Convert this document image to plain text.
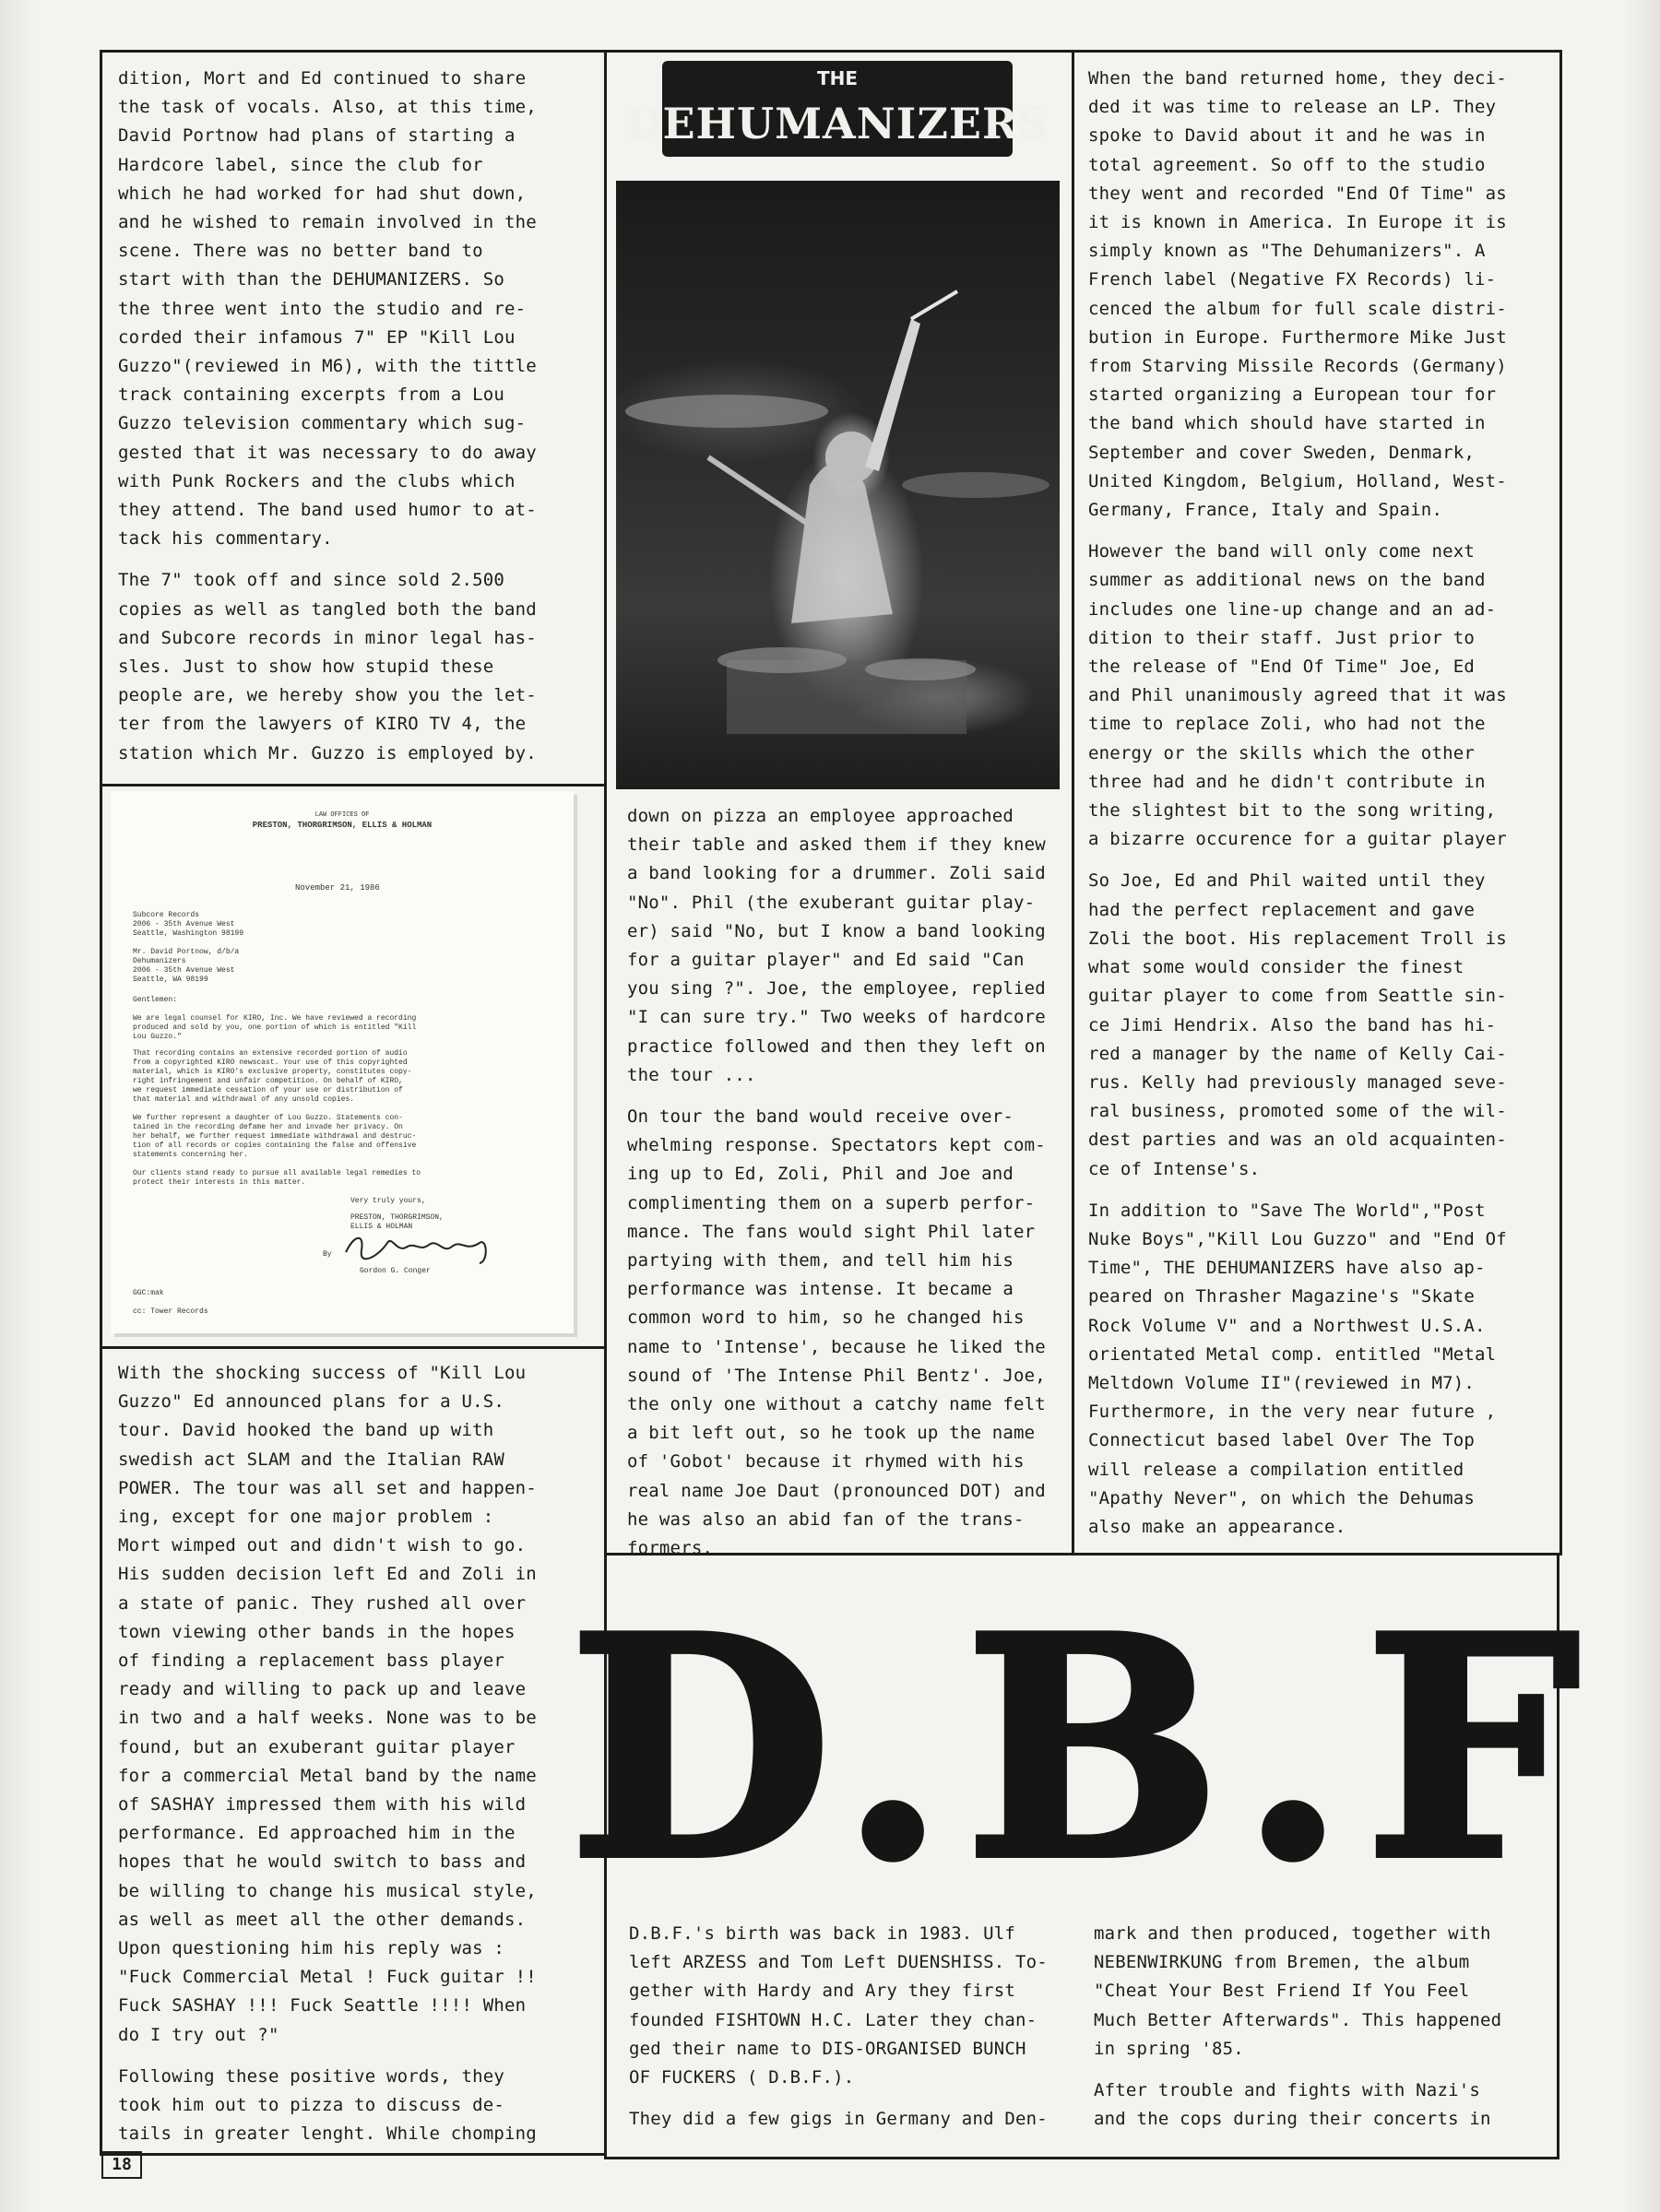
dition, Mort and Ed continued to share
the task of vocals. Also, at this time,
David Portnow had plans of starting a
Hardcore label, since the club for
which he had worked for had shut down,
and he wished to remain involved in the
scene. There was no better band to
start with than the DEHUMANIZERS. So
the three went into the studio and re-
corded their infamous 7" EP "Kill Lou
Guzzo"(reviewed in M6), with the tittle
track containing excerpts from a Lou
Guzzo television commentary which sug-
gested that it was necessary to do away
with Punk Rockers and the clubs which
they attend. The band used humor to at-
tack his commentary.

The 7" took off and since sold 2.500
copies as well as tangled both the band
and Subcore records in minor legal has-
sles. Just to show how stupid these
people are, we hereby show you the let-
ter from the lawyers of KIRO TV 4, the
station which Mr. Guzzo is employed by.

LAW OFFICES OF
PRESTON, THORGRIMSON, ELLIS & HOLMAN
November 21, 1986
Subcore Records
2006 - 35th Avenue West
Seattle, Washington 98199
Mr. David Portnow, d/b/a
Dehumanizers
2006 - 35th Avenue West
Seattle, WA 98199
Gentlemen:
We are legal counsel for KIRO, Inc. We have reviewed a recording
produced and sold by you, one portion of which is entitled "Kill
Lou Guzzo."
That recording contains an extensive recorded portion of audio
from a copyrighted KIRO newscast. Your use of this copyrighted
material, which is KIRO's exclusive property, constitutes copy-
right infringement and unfair competition. On behalf of KIRO,
we request immediate cessation of your use or distribution of
that material and withdrawal of any unsold copies.
We further represent a daughter of Lou Guzzo. Statements con-
tained in the recording defame her and invade her privacy. On
her behalf, we further request immediate withdrawal and destruc-
tion of all records or copies containing the false and offensive
statements concerning her.
Our clients stand ready to pursue all available legal remedies to
protect their interests in this matter.
Very truly yours,
PRESTON, THORGRIMSON,
ELLIS & HOLMAN
By
Gordon G. Conger
GGC:mak
cc: Tower Records

With the shocking success of "Kill Lou
Guzzo" Ed announced plans for a U.S.
tour. David hooked the band up with
swedish act SLAM and the Italian RAW
POWER. The tour was all set and happen-
ing, except for one major problem :
Mort wimped out and didn't wish to go.
His sudden decision left Ed and Zoli in
a state of panic. They rushed all over
town viewing other bands in the hopes
of finding a replacement bass player
ready and willing to pack up and leave
in two and a half weeks. None was to be
found, but an exuberant guitar player
for a commercial Metal band by the name
of SASHAY impressed them with his wild
performance. Ed approached him in the
hopes that he would switch to bass and
be willing to change his musical style,
as well as meet all the other demands.
Upon questioning him his reply was :
"Fuck Commercial Metal ! Fuck guitar !!
Fuck SASHAY !!! Fuck Seattle !!!! When
do I try out ?"

Following these positive words, they
took him out to pizza to discuss de-
tails in greater lenght. While chomping

THE
DEHUMANIZERS

down on pizza an employee approached
their table and asked them if they knew
a band looking for a drummer. Zoli said
"No". Phil (the exuberant guitar play-
er) said "No, but I know a band looking
for a guitar player" and Ed said "Can
you sing ?". Joe, the employee, replied
"I can sure try." Two weeks of hardcore
practice followed and then they left on
the tour ...

On tour the band would receive over-
whelming response. Spectators kept com-
ing up to Ed, Zoli, Phil and Joe and
complimenting them on a superb perfor-
mance. The fans would sight Phil later
partying with them, and tell him his
performance was intense. It became a
common word to him, so he changed his
name to 'Intense', because he liked the
sound of 'The Intense Phil Bentz'. Joe,
the only one without a catchy name felt
a bit left out, so he took up the name
of 'Gobot' because it rhymed with his
real name Joe Daut (pronounced DOT) and
he was also an abid fan of the trans-
formers.

When the band returned home, they deci-
ded it was time to release an LP. They
spoke to David about it and he was in
total agreement. So off to the studio
they went and recorded "End Of Time" as
it is known in America. In Europe it is
simply known as "The Dehumanizers". A
French label (Negative FX Records) li-
cenced the album for full scale distri-
bution in Europe. Furthermore Mike Just
from Starving Missile Records (Germany)
started organizing a European tour for
the band which should have started in
September and cover Sweden, Denmark,
United Kingdom, Belgium, Holland, West-
Germany, France, Italy and Spain.

However the band will only come next
summer as additional news on the band
includes one line-up change and an ad-
dition to their staff. Just prior to
the release of "End Of Time" Joe, Ed
and Phil unanimously agreed that it was
time to replace Zoli, who had not the
energy or the skills which the other
three had and he didn't contribute in
the slightest bit to the song writing,
a bizarre occurence for a guitar player

So Joe, Ed and Phil waited until they
had the perfect replacement and gave
Zoli the boot. His replacement Troll is
what some would consider the finest
guitar player to come from Seattle sin-
ce Jimi Hendrix. Also the band has hi-
red a manager by the name of Kelly Cai-
rus. Kelly had previously managed seve-
ral business, promoted some of the wil-
dest parties and was an old acquainten-
ce of Intense's.

In addition to "Save The World","Post
Nuke Boys","Kill Lou Guzzo" and "End Of
Time", THE DEHUMANIZERS have also ap-
peared on Thrasher Magazine's "Skate
Rock Volume V" and a Northwest U.S.A.
orientated Metal comp. entitled "Metal
Meltdown Volume II"(reviewed in M7).
Furthermore, in the very near future ,
Connecticut based label Over The Top
will release a compilation entitled
"Apathy Never", on which the Dehumas
also make an appearance.

D.B.F

D.B.F.'s birth was back in 1983. Ulf
left ARZESS and Tom Left DUENSHISS. To-
gether with Hardy and Ary they first
founded FISHTOWN H.C. Later they chan-
ged their name to DIS-ORGANISED BUNCH
OF FUCKERS ( D.B.F.).

They did a few gigs in Germany and Den-

mark and then produced, together with
NEBENWIRKUNG from Bremen, the album
"Cheat Your Best Friend If You Feel
Much Better Afterwards". This happened
in spring '85.

After trouble and fights with Nazi's
and the cops during their concerts in

18
